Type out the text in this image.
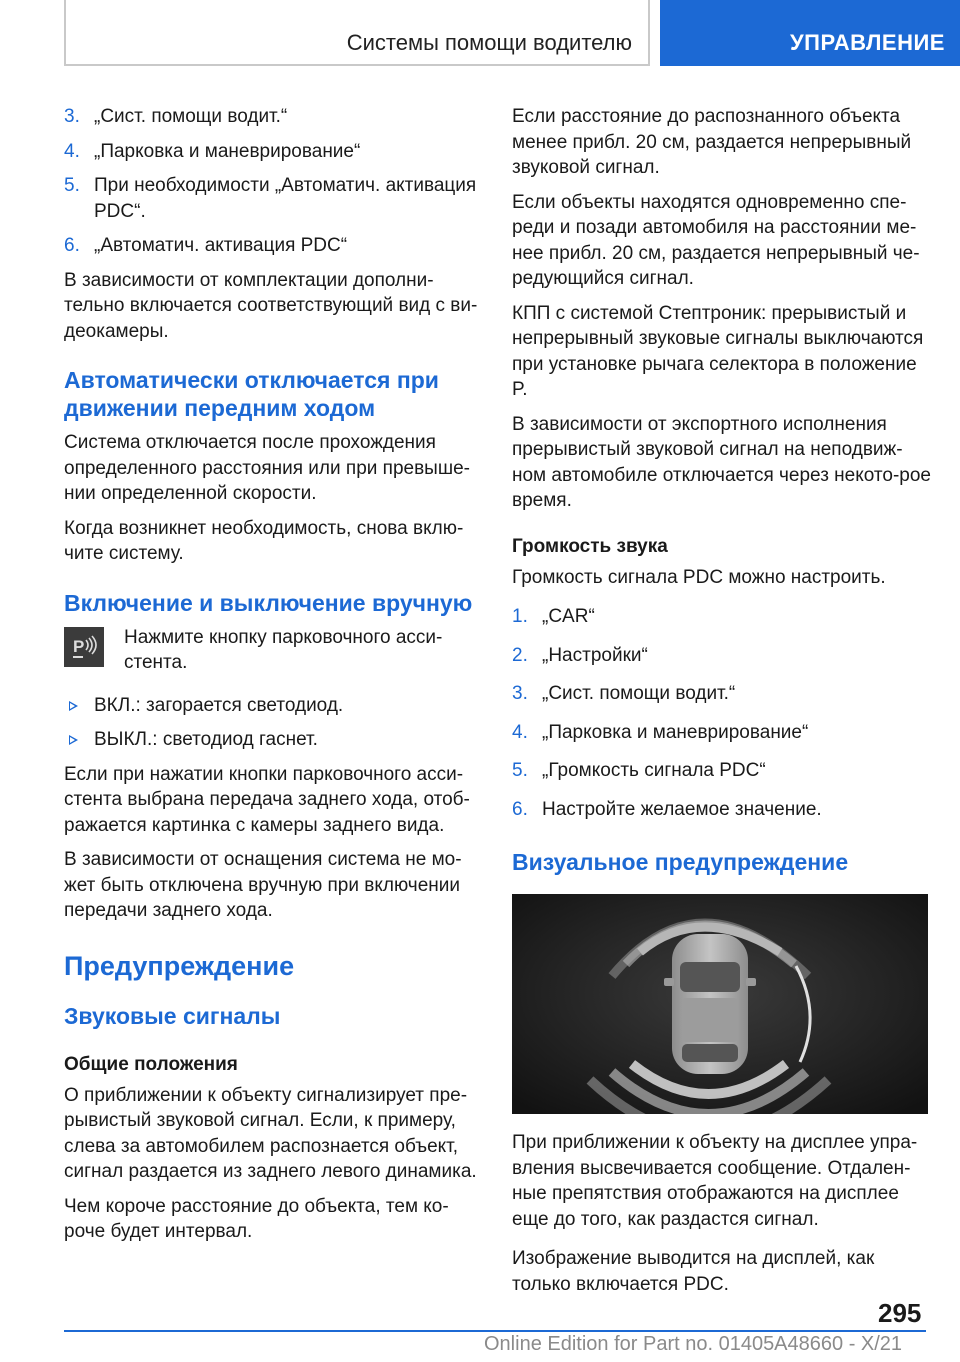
Системы помощи водителю	УПРАВЛЕНИЕ
3. „Сист. помощи водит.“
4. „Парковка и маневрирование“
5. При необходимости „Автоматич. активация PDC“.
6. „Автоматич. активация PDC“

В зависимости от комплектации дополни-тельно включается соответствующий вид с ви-деокамеры.

Автоматически отключается при движении передним ходом

Система отключается после прохождения определенного расстояния или при превыше-нии определенной скорости.

Когда возникнет необходимость, снова вклю-чите систему.

Включение и выключение вручную
P Нажмите кнопку парковочного асси-стента.

ВКЛ.: загорается светодиод.
ВЫКЛ.: светодиод гаснет.

Если при нажатии кнопки парковочного асси-стента выбрана передача заднего хода, отоб-ражается картинка с камеры заднего вида.

В зависимости от оснащения система не мо-жет быть отключена вручную при включении передачи заднего хода.

Предупреждение
Звуковые сигналы
Общие положения

О приближении к объекту сигнализирует пре-рывистый звуковой сигнал. Если, к примеру, слева за автомобилем распознается объект, сигнал раздается из заднего левого динамика.

Чем короче расстояние до объекта, тем ко-роче будет интервал.

Если расстояние до распознанного объекта менее прибл. 20 см, раздается непрерывный звуковой сигнал.

Если объекты находятся одновременно спе-реди и позади автомобиля на расстоянии ме-нее прибл. 20 см, раздается непрерывный че-редующийся сигнал.

КПП с системой Стептроник: прерывистый и непрерывный звуковые сигналы выключаются при установке рычага селектора в положение P.

В зависимости от экспортного исполнения прерывистый звуковой сигнал на неподвиж-ном автомобиле отключается через некото-рое время.

Громкость звука

Громкость сигнала PDC можно настроить.

1. „CAR“
2. „Настройки“
3. „Сист. помощи водит.“
4. „Парковка и маневрирование“
5. „Громкость сигнала PDC“
6. Настройте желаемое значение.
Визуальное предупреждение

При приближении к объекту на дисплее упра-вления высвечивается сообщение. Отдален-ные препятствия отображаются на дисплее еще до того, как раздастся сигнал.

Изображение выводится на дисплей, как только включается PDC.

295
Online Edition for Part no. 01405A48660 - X/21
